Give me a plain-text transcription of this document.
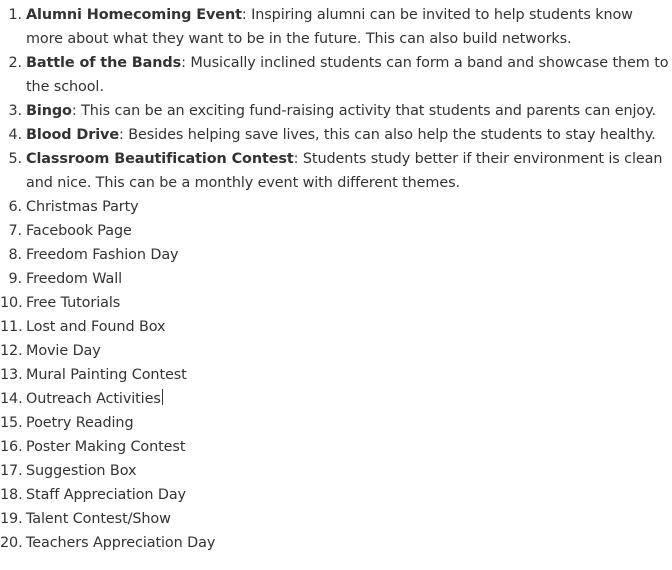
1. Alumni Homecoming Event: Inspiring alumni can be invited to help students know more about what they want to be in the future. This can also build networks.
2. Battle of the Bands: Musically inclined students can form a band and showcase them to the school.
3. Bingo: This can be an exciting fund-raising activity that students and parents can enjoy.
4. Blood Drive: Besides helping save lives, this can also help the students to stay healthy.
5. Classroom Beautification Contest: Students study better if their environment is clean and nice. This can be a monthly event with different themes.
6. Christmas Party
7. Facebook Page
8. Freedom Fashion Day
9. Freedom Wall
10. Free Tutorials
11. Lost and Found Box
12. Movie Day
13. Mural Painting Contest
14. Outreach Activities
15. Poetry Reading
16. Poster Making Contest
17. Suggestion Box
18. Staff Appreciation Day
19. Talent Contest/Show
20. Teachers Appreciation Day
